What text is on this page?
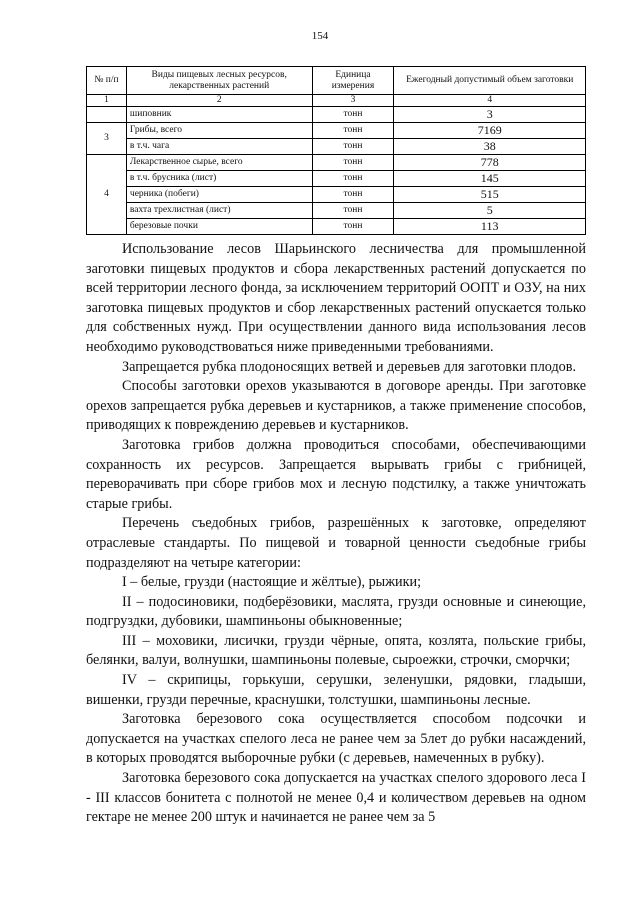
154
№ п/п	Виды пищевых лесных ресурсов, лекарственных растений	Единица измерения	Ежегодный допустимый объем заготовки
1	2	3	4
	шиповник	тонн	3
3	Грибы, всего	тонн	7169
	в т.ч. чага	тонн	38
4	Лекарственное сырье, всего	тонн	778
	в т.ч. брусника (лист)	тонн	145
	черника (побеги)	тонн	515
	вахта трехлистная (лист)	тонн	5
	березовые почки	тонн	113

Использование лесов Шарьинского лесничества для промышленной заготовки пищевых продуктов и сбора лекарственных растений допускается по всей территории лесного фонда, за исключением территорий ООПТ и ОЗУ, на них заготовка пищевых продуктов и сбор лекарственных растений опускается только для собственных нужд. При осуществлении данного вида использования лесов необходимо руководствоваться ниже приведенными требованиями.

Запрещается рубка плодоносящих ветвей и деревьев для заготовки плодов.

Способы заготовки орехов указываются в договоре аренды. При заготовке орехов запрещается рубка деревьев и кустарников, а также применение способов, приводящих к повреждению деревьев и кустарников.

Заготовка грибов должна проводиться способами, обеспечивающими сохранность их ресурсов. Запрещается вырывать грибы с грибницей, переворачивать при сборе грибов мох и лесную подстилку, а также уничтожать старые грибы.

Перечень съедобных грибов, разрешённых к заготовке, определяют отраслевые стандарты. По пищевой и товарной ценности съедобные грибы подразделяют на четыре категории:

I – белые, грузди (настоящие и жёлтые), рыжики;

II – подосиновики, подберёзовики, маслята, грузди основные и синеющие, подгруздки, дубовики, шампиньоны обыкновенные;

III – моховики, лисички, грузди чёрные, опята, козлята, польские грибы, белянки, валуи, волнушки, шампиньоны полевые, сыроежки, строчки, сморчки;

IV – скрипицы, горькуши, серушки, зеленушки, рядовки, гладыши, вишенки, грузди перечные, краснушки, толстушки, шампиньоны лесные.

Заготовка березового сока осуществляется способом подсочки и допускается на участках спелого леса не ранее чем за 5лет до рубки насаждений, в которых проводятся выборочные рубки (с деревьев, намеченных в рубку).

Заготовка березового сока допускается на участках спелого здорового леса I - III классов бонитета с полнотой не менее 0,4 и количеством деревьев на одном гектаре не менее 200 штук и начинается не ранее чем за 5
